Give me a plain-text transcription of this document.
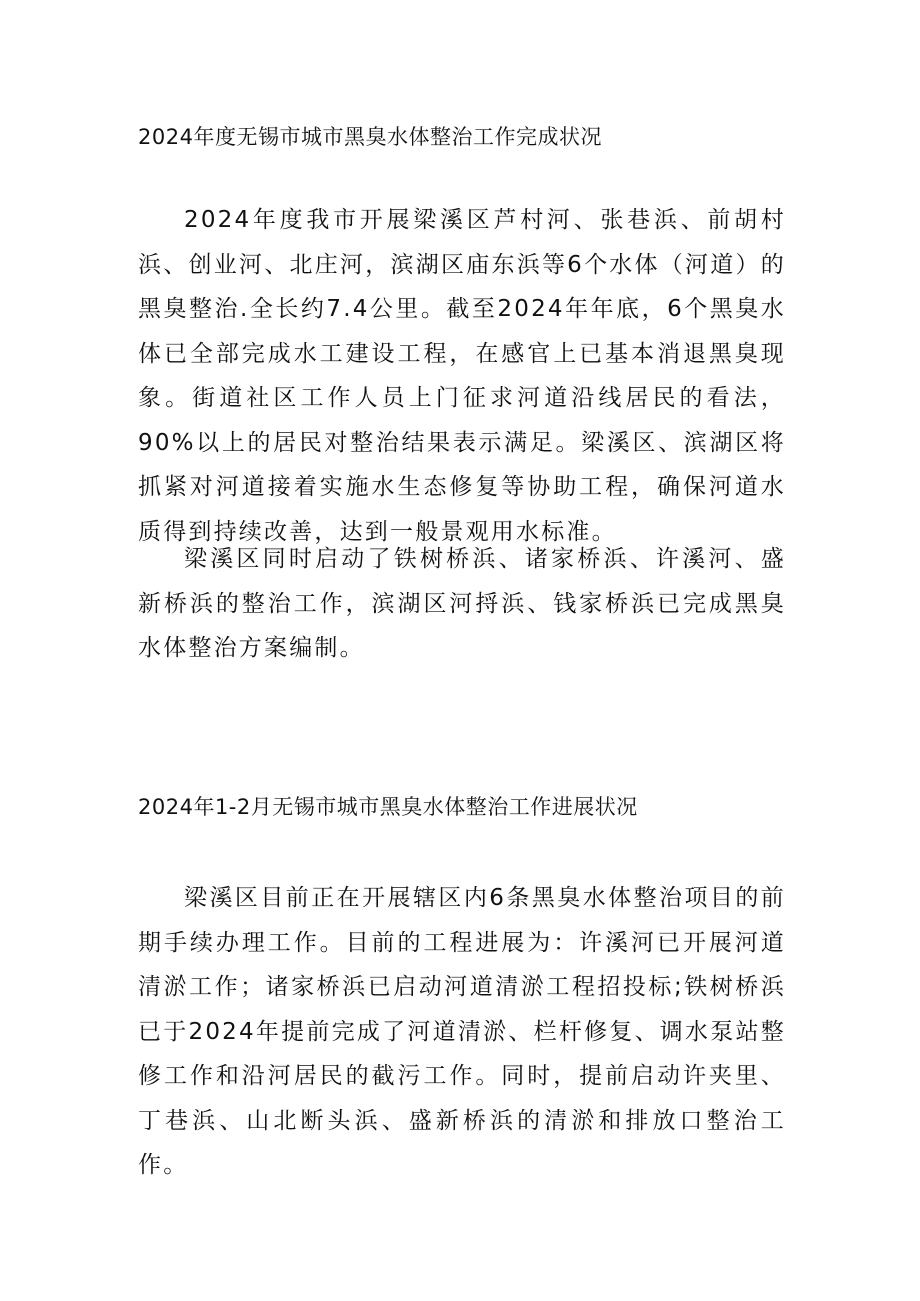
2024年度无锡市城市黑臭水体整治工作完成状况

2024年度我市开展梁溪区芦村河、张巷浜、前胡村浜、创业河、北庄河，滨湖区庙东浜等6个水体（河道）的黑臭整治.全长约7.4公里。截至2024年年底，6个黑臭水体已全部完成水工建设工程，在感官上已基本消退黑臭现象。街道社区工作人员上门征求河道沿线居民的看法，90%以上的居民对整治结果表示满足。梁溪区、滨湖区将抓紧对河道接着实施水生态修复等协助工程，确保河道水质得到持续改善，达到一般景观用水标准。

梁溪区同时启动了铁树桥浜、诸家桥浜、许溪河、盛新桥浜的整治工作，滨湖区河捋浜、钱家桥浜已完成黑臭水体整治方案编制。

2024年1-2月无锡市城市黑臭水体整治工作进展状况

梁溪区目前正在开展辖区内6条黑臭水体整治项目的前期手续办理工作。目前的工程进展为：许溪河已开展河道清淤工作；诸家桥浜已启动河道清淤工程招投标;铁树桥浜已于2024年提前完成了河道清淤、栏杆修复、调水泵站整修工作和沿河居民的截污工作。同时，提前启动许夹里、丁巷浜、山北断头浜、盛新桥浜的清淤和排放口整治工作。
